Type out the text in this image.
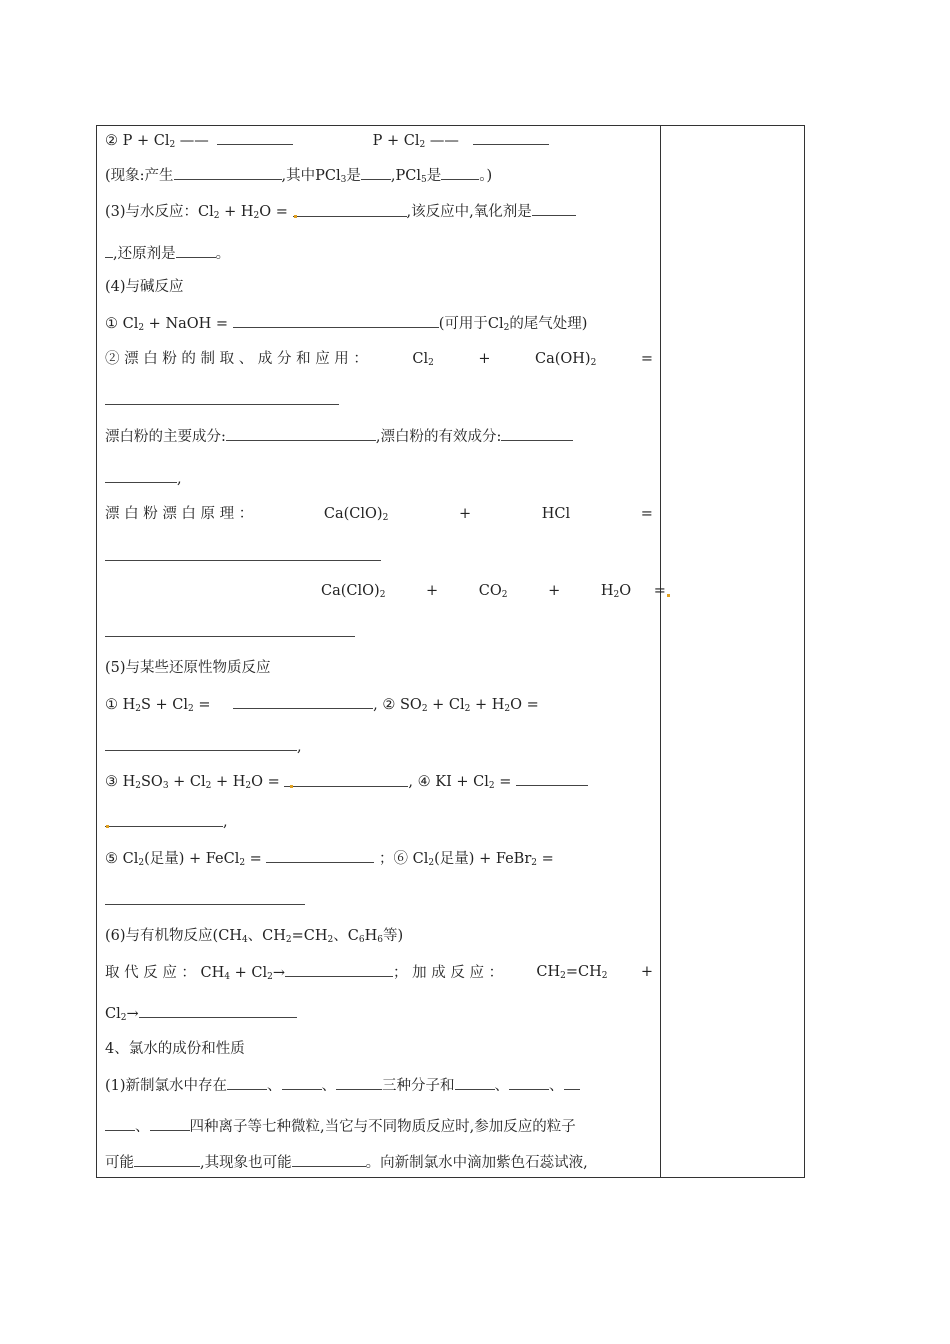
② $P + Cl_2$ ——	$P + Cl_2$ ——
(现象:产生	,其中PCl$_3$是 ,PCl$_5$是	。)
(3)与水反应：$Cl_2 + H_2O$ =	,该反应中,氧化剂是
,还原剂是	。
(4)与碱反应
① $Cl_2$ + NaOH =	(可用于$Cl_2$的尾气处理)
② 漂 白 粉 的 制 取 、 成 分 和 应 用 ：	$Cl_2$	+	$Ca(OH)_2$	=
漂白粉的主要成分:	,漂白粉的有效成分:
,
漂 白 粉 漂 白 原 理 ：	$Ca(ClO)_2$	+	HCl	=
$Ca(ClO)_2$	+	$CO_2$	+	$H_2O$ =
(5)与某些还原性物质反应
① $H_2S + Cl_2$ =	, ② $SO_2 + Cl_2 + H_2O$ =
,
③ $H_2SO_3 + Cl_2 + H_2O$ =	, ④ KI + $Cl_2$ =
,
⑤ $Cl_2$(足量) + FeCl$_2$ =	；⑥ $Cl_2$(足量) + FeBr$_2$ =
(6)与有机物反应($CH_4$、$CH_2=CH_2$、$C_6H_6$等)
取 代 反 应 ： $CH_4 + Cl_2\to$	； 加 成 反 应 ： $CH_2=CH_2$ +
$Cl_2\to$
4、氯水的成份和性质
(1)新制氯水中存在	、	、	三种分子和	、	、
、	四种离子等七种微粒,当它与不同物质反应时,参加反应的粒子
可能	,其现象也可能	。向新制氯水中滴加紫色石蕊试液,
